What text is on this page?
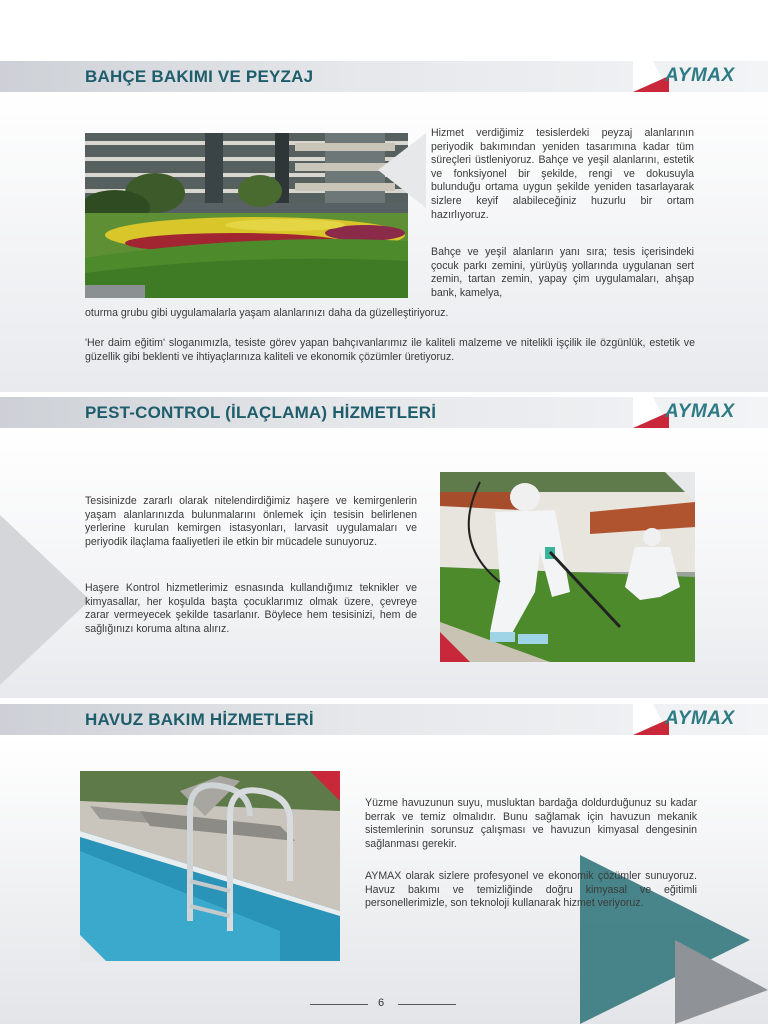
BAHÇE BAKIMI VE PEYZAJ	AYMAX

Hizmet verdiğimiz tesislerdeki peyzaj alanlarının periyodik bakımından yeniden tasarımına kadar tüm süreçleri üstleniyoruz. Bahçe ve yeşil alanlarını, estetik ve fonksiyonel bir şekilde, rengi ve dokusuyla bulunduğu ortama uygun şekilde yeniden tasarlayarak sizlere keyif alabileceğiniz huzurlu bir ortam hazırlıyoruz.

Bahçe ve yeşil alanların yanı sıra; tesis içerisindeki çocuk parkı zemini, yürüyüş yollarında uygulanan sert zemin, tartan zemin, yapay çim uygulamaları, ahşap bank, kamelya,

oturma grubu gibi uygulamalarla yaşam alanlarınızı daha da güzelleştiriyoruz.

'Her daim eğitim' sloganımızla, tesiste görev yapan bahçıvanlarımız ile kaliteli malzeme ve nitelikli işçilik ile özgünlük, estetik ve güzellik gibi beklenti ve ihtiyaçlarınıza kaliteli ve ekonomik çözümler üretiyoruz.

PEST-CONTROL (İLAÇLAMA) HİZMETLERİ	AYMAX

Tesisinizde zararlı olarak nitelendirdiğimiz haşere ve kemirgenlerin yaşam alanlarınızda bulunmalarını önlemek için tesisin belirlenen yerlerine kurulan kemirgen istasyonları, larvasit uygulamaları ve periyodik ilaçlama faaliyetleri ile etkin bir mücadele sunuyoruz.

Haşere Kontrol hizmetlerimiz esnasında kullandığımız teknikler ve kimyasallar, her koşulda başta çocuklarımız olmak üzere, çevreye zarar vermeyecek şekilde tasarlanır. Böylece hem tesisinizi, hem de sağlığınızı koruma altına alırız.

HAVUZ BAKIM HİZMETLERİ	AYMAX

Yüzme havuzunun suyu, musluktan bardağa doldurduğunuz su kadar berrak ve temiz olmalıdır. Bunu sağlamak için havuzun mekanik sistemlerinin sorunsuz çalışması ve havuzun kimyasal dengesinin sağlanması gerekir.

AYMAX olarak sizlere profesyonel ve ekonomik çözümler sunuyoruz. Havuz bakımı ve temizliğinde doğru kimyasal ve eğitimli personellerimizle, son teknoloji kullanarak hizmet veriyoruz.

6
